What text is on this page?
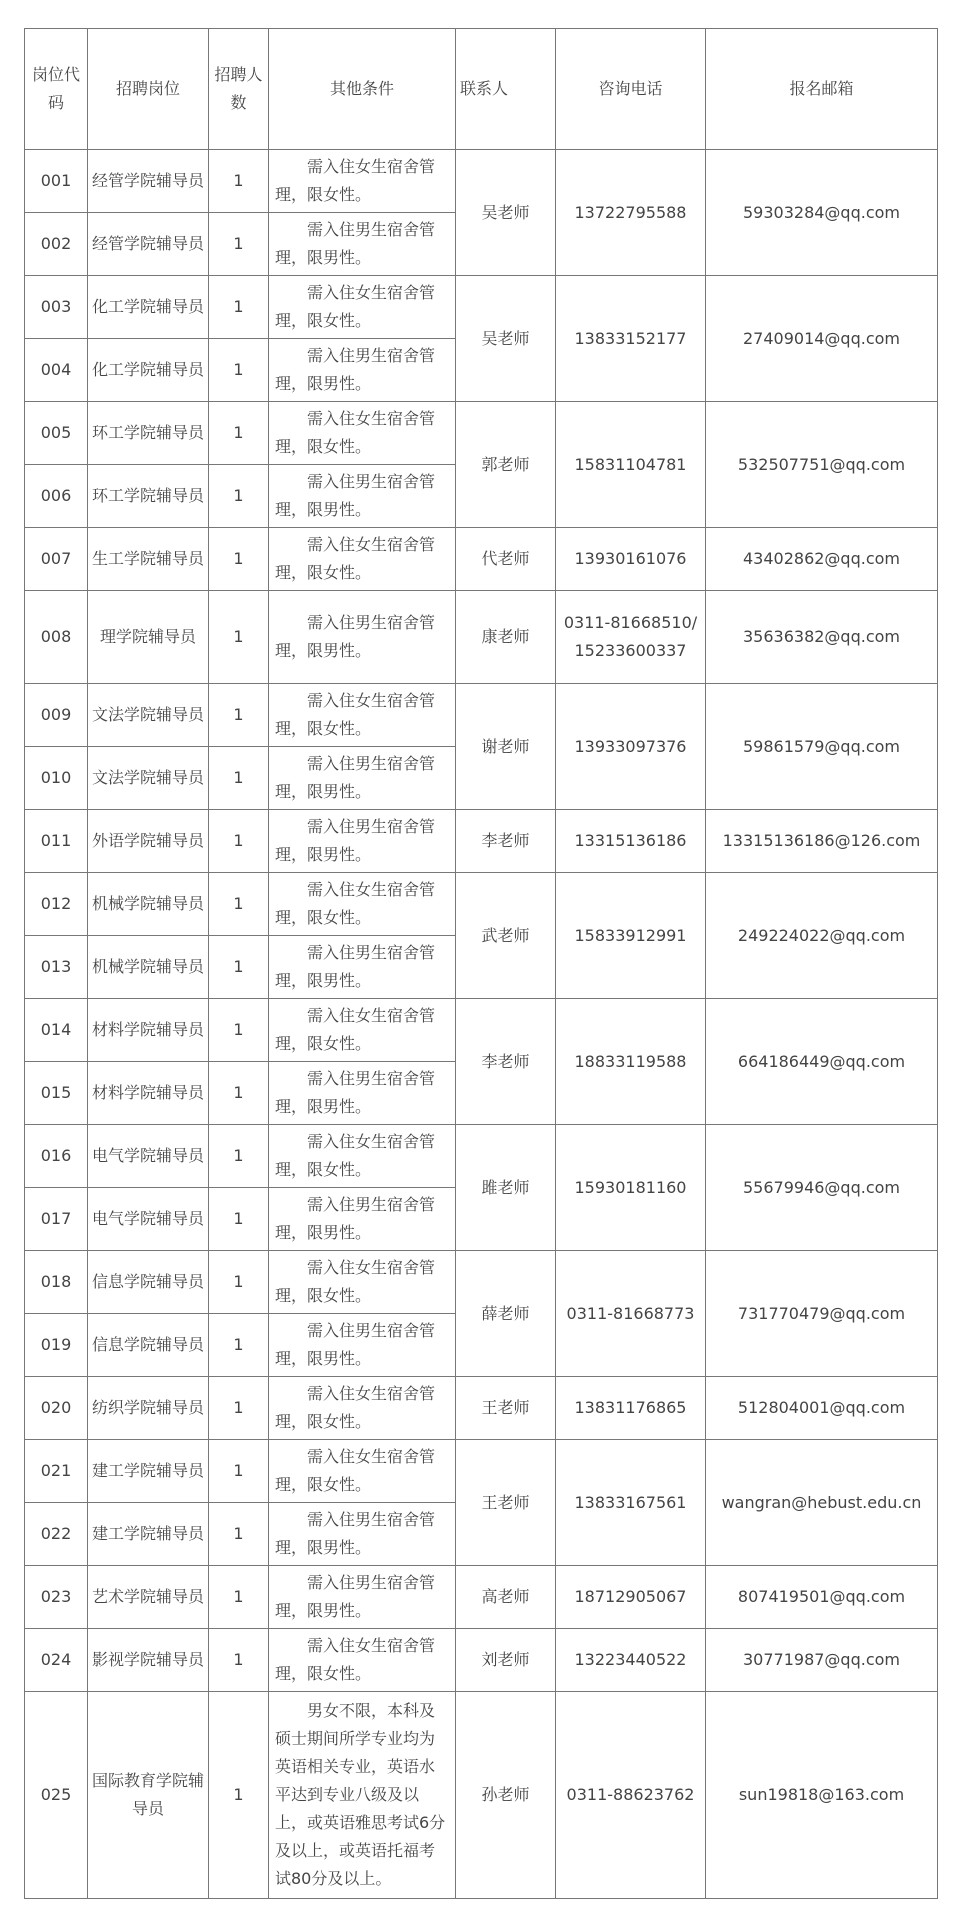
岗位代码	招聘岗位	招聘人数	其他条件	联系人	咨询电话	报名邮箱
001	经管学院辅导员	1	需入住女生宿舍管理，限女性。	吴老师	13722795588	59303284@qq.com
002	经管学院辅导员	1	需入住男生宿舍管理，限男性。			
003	化工学院辅导员	1	需入住女生宿舍管理，限女性。	吴老师	13833152177	27409014@qq.com
004	化工学院辅导员	1	需入住男生宿舍管理，限男性。			
005	环工学院辅导员	1	需入住女生宿舍管理，限女性。	郭老师	15831104781	532507751@qq.com
006	环工学院辅导员	1	需入住男生宿舍管理，限男性。			
007	生工学院辅导员	1	需入住女生宿舍管理，限女性。	代老师	13930161076	43402862@qq.com
008	理学院辅导员	1	需入住男生宿舍管理，限男性。	康老师	0311-81668510/15233600337	35636382@qq.com
009	文法学院辅导员	1	需入住女生宿舍管理，限女性。	谢老师	13933097376	59861579@qq.com
010	文法学院辅导员	1	需入住男生宿舍管理，限男性。			
011	外语学院辅导员	1	需入住男生宿舍管理，限男性。	李老师	13315136186	13315136186@126.com
012	机械学院辅导员	1	需入住女生宿舍管理，限女性。	武老师	15833912991	249224022@qq.com
013	机械学院辅导员	1	需入住男生宿舍管理，限男性。			
014	材料学院辅导员	1	需入住女生宿舍管理，限女性。	李老师	18833119588	664186449@qq.com
015	材料学院辅导员	1	需入住男生宿舍管理，限男性。			
016	电气学院辅导员	1	需入住女生宿舍管理，限女性。	雎老师	15930181160	55679946@qq.com
017	电气学院辅导员	1	需入住男生宿舍管理，限男性。			
018	信息学院辅导员	1	需入住女生宿舍管理，限女性。	薛老师	0311-81668773	731770479@qq.com
019	信息学院辅导员	1	需入住男生宿舍管理，限男性。			
020	纺织学院辅导员	1	需入住女生宿舍管理，限女性。	王老师	13831176865	512804001@qq.com
021	建工学院辅导员	1	需入住女生宿舍管理，限女性。	王老师	13833167561	wangran@hebust.edu.cn
022	建工学院辅导员	1	需入住男生宿舍管理，限男性。			
023	艺术学院辅导员	1	需入住男生宿舍管理，限男性。	高老师	18712905067	807419501@qq.com
024	影视学院辅导员	1	需入住女生宿舍管理，限女性。	刘老师	13223440522	30771987@qq.com
025	国际教育学院辅导员	1	男女不限，本科及硕士期间所学专业均为英语相关专业，英语水平达到专业八级及以上，或英语雅思考试6分及以上，或英语托福考试80分及以上。	孙老师	0311-88623762	sun19818@163.com
